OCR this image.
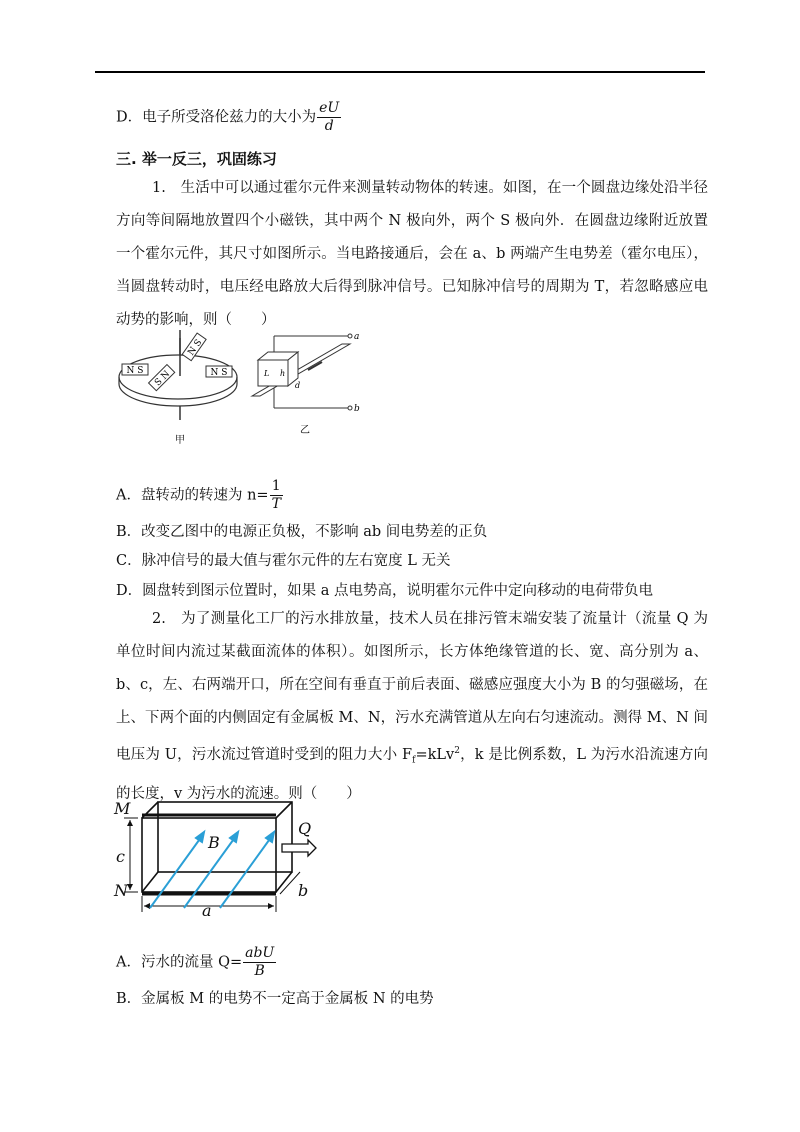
D．电子所受洛伦兹力的大小为 $\frac{eU}{d}$
三. 举一反三，巩固练习
1.　生活中可以通过霍尔元件来测量转动物体的转速。如图，在一个圆盘边缘处沿半径方向等间隔地放置四个小磁铁，其中两个 N 极向外，两个 S 极向外．在圆盘边缘附近放置一个霍尔元件，其尺寸如图所示。当电路接通后，会在 a、b 两端产生电势差（霍尔电压），当圆盘转动时，电压经电路放大后得到脉冲信号。已知脉冲信号的周期为 T，若忽略感应电动势的影响，则（　　）
N S
N S
S N	N S
甲
a
b
L h
d
乙
A．盘转动的转速为 $n= \frac{1}{T}$
B．改变乙图中的电源正负极，不影响 ab 间电势差的正负
C．脉冲信号的最大值与霍尔元件的左右宽度 L 无关
D．圆盘转到图示位置时，如果 a 点电势高，说明霍尔元件中定向移动的电荷带负电
2.　为了测量化工厂的污水排放量，技术人员在排污管末端安装了流量计（流量 Q 为单位时间内流过某截面流体的体积）。如图所示，长方体绝缘管道的长、宽、高分别为 a、b、c，左、右两端开口，所在空间有垂直于前后表面、磁感应强度大小为 B 的匀强磁场，在上、下两个面的内侧固定有金属板 M、N，污水充满管道从左向右匀速流动。测得 M、N 间电压为 U，污水流过管道时受到的阻力大小 $F_f=kLv^2$，k 是比例系数，L 为污水沿流速方向的长度，v 为污水的流速。则（　　）
M
N
c
B
Q
a
b
A．污水的流量 $Q= \frac{\text{abU}}{B}$
B．金属板 M 的电势不一定高于金属板 N 的电势
